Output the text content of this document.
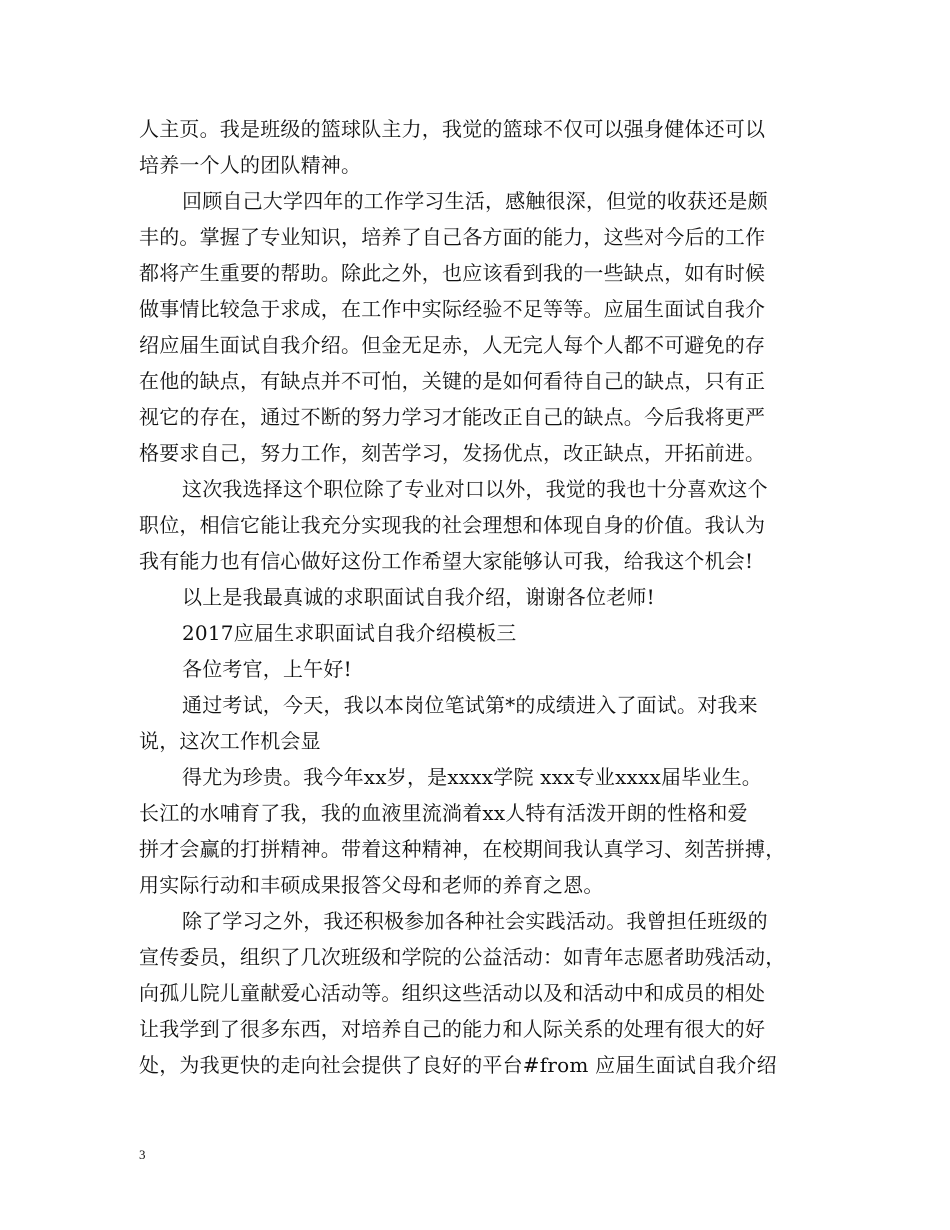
人主页。我是班级的篮球队主力，我觉的篮球不仅可以强身健体还可以
培养一个人的团队精神。
回顾自己大学四年的工作学习生活，感触很深，但觉的收获还是颇
丰的。掌握了专业知识，培养了自己各方面的能力，这些对今后的工作
都将产生重要的帮助。除此之外，也应该看到我的一些缺点，如有时候
做事情比较急于求成，在工作中实际经验不足等等。应届生面试自我介
绍应届生面试自我介绍。但金无足赤，人无完人每个人都不可避免的存
在他的缺点，有缺点并不可怕，关键的是如何看待自己的缺点，只有正
视它的存在，通过不断的努力学习才能改正自己的缺点。今后我将更严
格要求自己，努力工作，刻苦学习，发扬优点，改正缺点，开拓前进。
这次我选择这个职位除了专业对口以外，我觉的我也十分喜欢这个
职位，相信它能让我充分实现我的社会理想和体现自身的价值。我认为
我有能力也有信心做好这份工作希望大家能够认可我，给我这个机会!
以上是我最真诚的求职面试自我介绍，谢谢各位老师!
2017应届生求职面试自我介绍模板三
各位考官，上午好!
通过考试，今天，我以本岗位笔试第*的成绩进入了面试。对我来
说，这次工作机会显
得尤为珍贵。我今年xx岁，是xxxx学院 xxx专业xxxx届毕业生。
长江的水哺育了我，我的血液里流淌着xx人特有活泼开朗的性格和爱
拼才会赢的打拼精神。带着这种精神，在校期间我认真学习、刻苦拼搏，
用实际行动和丰硕成果报答父母和老师的养育之恩。
除了学习之外，我还积极参加各种社会实践活动。我曾担任班级的
宣传委员，组织了几次班级和学院的公益活动：如青年志愿者助残活动，
向孤儿院儿童献爱心活动等。组织这些活动以及和活动中和成员的相处
让我学到了很多东西，对培养自己的能力和人际关系的处理有很大的好
处，为我更快的走向社会提供了良好的平台#from 应届生面试自我介绍
3
